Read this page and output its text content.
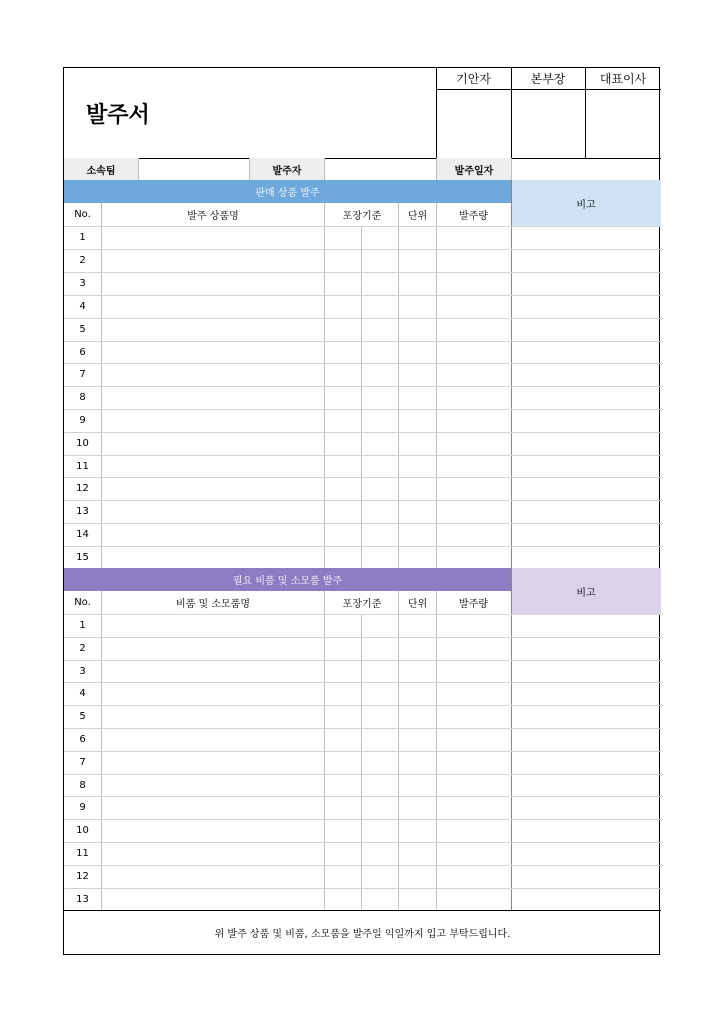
발주서
기안자	본부장	대표이사
소속팀	발주자	발주일자
판매 상품 발주
비고
No.	발주 상품명	포장기준	단위	발주량
1
2
3
4
5
6
7
8
9
10
11
12
13
14
15
필요 비품 및 소모품 발주
비고
No.	비품 및 소모품명	포장기준	단위	발주량
1
2
3
4
5
6
7
8
9
10
11
12
13
위 발주 상품 및 비품, 소모품을 발주일 익일까지 입고 부탁드립니다.
